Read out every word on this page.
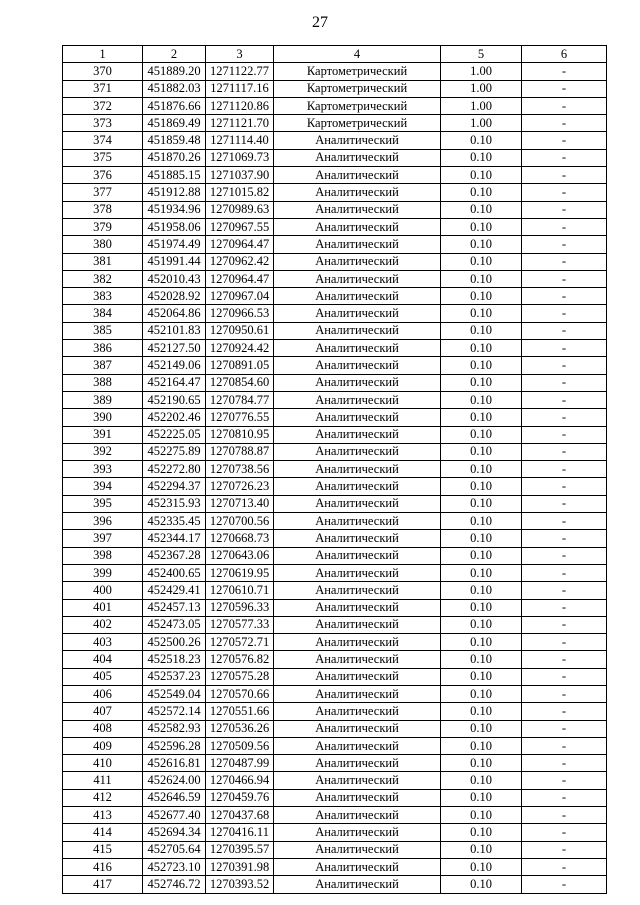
27
1	2	3	4	5	6
370	451889.20	1271122.77	Картометрический	1.00	-
371	451882.03	1271117.16	Картометрический	1.00	-
372	451876.66	1271120.86	Картометрический	1.00	-
373	451869.49	1271121.70	Картометрический	1.00	-
374	451859.48	1271114.40	Аналитический	0.10	-
375	451870.26	1271069.73	Аналитический	0.10	-
376	451885.15	1271037.90	Аналитический	0.10	-
377	451912.88	1271015.82	Аналитический	0.10	-
378	451934.96	1270989.63	Аналитический	0.10	-
379	451958.06	1270967.55	Аналитический	0.10	-
380	451974.49	1270964.47	Аналитический	0.10	-
381	451991.44	1270962.42	Аналитический	0.10	-
382	452010.43	1270964.47	Аналитический	0.10	-
383	452028.92	1270967.04	Аналитический	0.10	-
384	452064.86	1270966.53	Аналитический	0.10	-
385	452101.83	1270950.61	Аналитический	0.10	-
386	452127.50	1270924.42	Аналитический	0.10	-
387	452149.06	1270891.05	Аналитический	0.10	-
388	452164.47	1270854.60	Аналитический	0.10	-
389	452190.65	1270784.77	Аналитический	0.10	-
390	452202.46	1270776.55	Аналитический	0.10	-
391	452225.05	1270810.95	Аналитический	0.10	-
392	452275.89	1270788.87	Аналитический	0.10	-
393	452272.80	1270738.56	Аналитический	0.10	-
394	452294.37	1270726.23	Аналитический	0.10	-
395	452315.93	1270713.40	Аналитический	0.10	-
396	452335.45	1270700.56	Аналитический	0.10	-
397	452344.17	1270668.73	Аналитический	0.10	-
398	452367.28	1270643.06	Аналитический	0.10	-
399	452400.65	1270619.95	Аналитический	0.10	-
400	452429.41	1270610.71	Аналитический	0.10	-
401	452457.13	1270596.33	Аналитический	0.10	-
402	452473.05	1270577.33	Аналитический	0.10	-
403	452500.26	1270572.71	Аналитический	0.10	-
404	452518.23	1270576.82	Аналитический	0.10	-
405	452537.23	1270575.28	Аналитический	0.10	-
406	452549.04	1270570.66	Аналитический	0.10	-
407	452572.14	1270551.66	Аналитический	0.10	-
408	452582.93	1270536.26	Аналитический	0.10	-
409	452596.28	1270509.56	Аналитический	0.10	-
410	452616.81	1270487.99	Аналитический	0.10	-
411	452624.00	1270466.94	Аналитический	0.10	-
412	452646.59	1270459.76	Аналитический	0.10	-
413	452677.40	1270437.68	Аналитический	0.10	-
414	452694.34	1270416.11	Аналитический	0.10	-
415	452705.64	1270395.57	Аналитический	0.10	-
416	452723.10	1270391.98	Аналитический	0.10	-
417	452746.72	1270393.52	Аналитический	0.10	-
